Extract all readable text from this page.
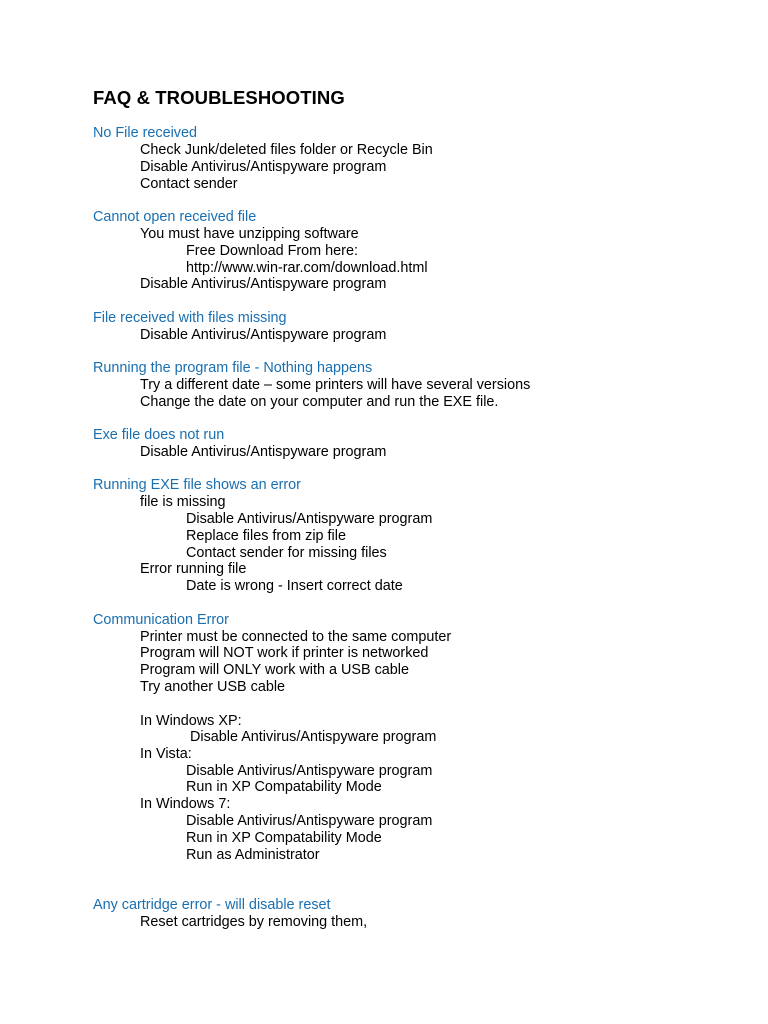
FAQ & TROUBLESHOOTING
No File received
Check Junk/deleted files folder or Recycle Bin
Disable Antivirus/Antispyware program
Contact sender
Cannot open received file
You must have unzipping software
Free Download From here:
http://www.win-rar.com/download.html
Disable Antivirus/Antispyware program
File received with files missing
Disable Antivirus/Antispyware program
Running the program file - Nothing happens
Try a different date – some printers will have several versions
Change the date on your computer and run the EXE file.
Exe file does not run
Disable Antivirus/Antispyware program
Running EXE file shows an error
file is missing
Disable Antivirus/Antispyware program
Replace files from zip file
Contact sender for missing files
Error running file
Date is wrong - Insert correct date
Communication Error
Printer must be connected to the same computer
Program will NOT work if printer is networked
Program will ONLY work with a USB cable
Try another USB cable
In Windows XP:
Disable Antivirus/Antispyware program
In Vista:
Disable Antivirus/Antispyware program
Run in XP Compatability Mode
In Windows 7:
Disable Antivirus/Antispyware program
Run in XP Compatability Mode
Run as Administrator
Any cartridge error - will disable reset
Reset cartridges by removing them,
